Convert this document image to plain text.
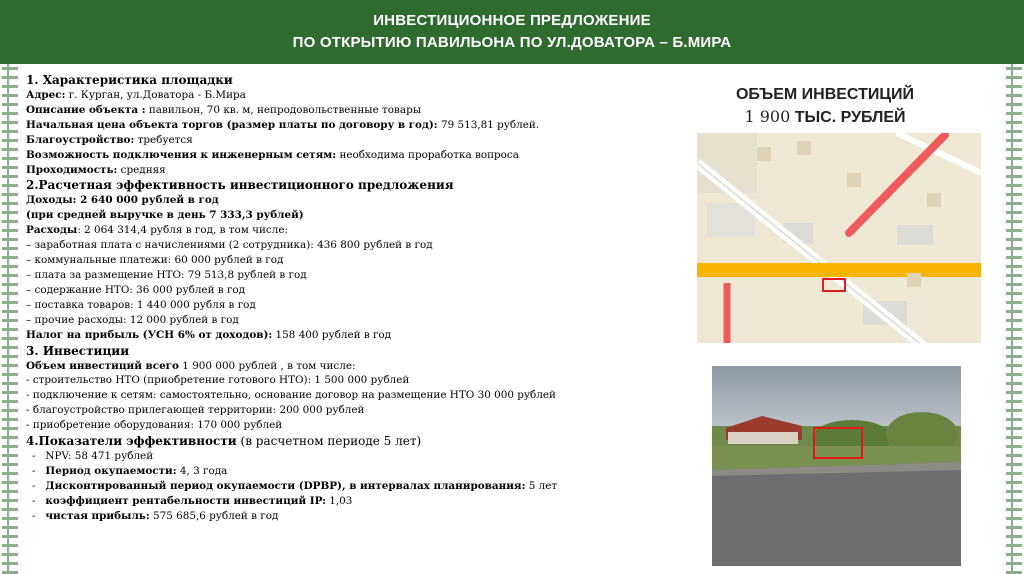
ИНВЕСТИЦИОННОЕ ПРЕДЛОЖЕНИЕ
ПО ОТКРЫТИЮ ПАВИЛЬОНА ПО УЛ.ДОВАТОРА – Б.МИРА
1. Характеристика площадки
Адрес: г. Курган, ул.Доватора - Б.Мира
Описание объекта : павильон, 70 кв. м, непродовольственные товары
Начальная цена объекта торгов (размер платы по договору в год): 79 513,81 рублей.
Благоустройство: требуется
Возможность подключения к инженерным сетям: необходима проработка вопроса
Проходимость: средняя
2.Расчетная эффективность инвестиционного предложения
Доходы: 2 640 000 рублей в год
(при средней выручке в день 7 333,3 рублей)
Расходы: 2 064 314,4 рубля в год, в том числе:
– заработная плата с начислениями (2 сотрудника): 436 800 рублей в год
– коммунальные платежи: 60 000 рублей в год
– плата за размещение НТО: 79 513,8 рублей в год
– содержание НТО: 36 000 рублей в год
– поставка товаров: 1 440 000 рубля в год
– прочие расходы: 12 000 рублей в год
Налог на прибыль (УСН 6% от доходов): 158 400 рублей в год
3. Инвестиции
Объем инвестиций всего 1 900 000 рублей , в том числе:
- строительство НТО (приобретение готового НТО): 1 500 000 рублей
- подключение к сетям: самостоятельно, основание договор на размещение НТО 30 000 рублей
- благоустройство прилегающей территории: 200 000 рублей
- приобретение оборудования: 170 000 рублей
4.Показатели эффективности (в расчетном периоде 5 лет)
-   NPV: 58 471 рублей
-   Период окупаемости: 4, 3 года
-   Дисконтированный период окупаемости (DPBP), в интервалах планирования: 5 лет
-   коэффициент рентабельности инвестиций IP: 1,03
-   чистая прибыль: 575 685,6 рублей в год
ОБЪЕМ ИНВЕСТИЦИЙ
1 900 ТЫС. РУБЛЕЙ
